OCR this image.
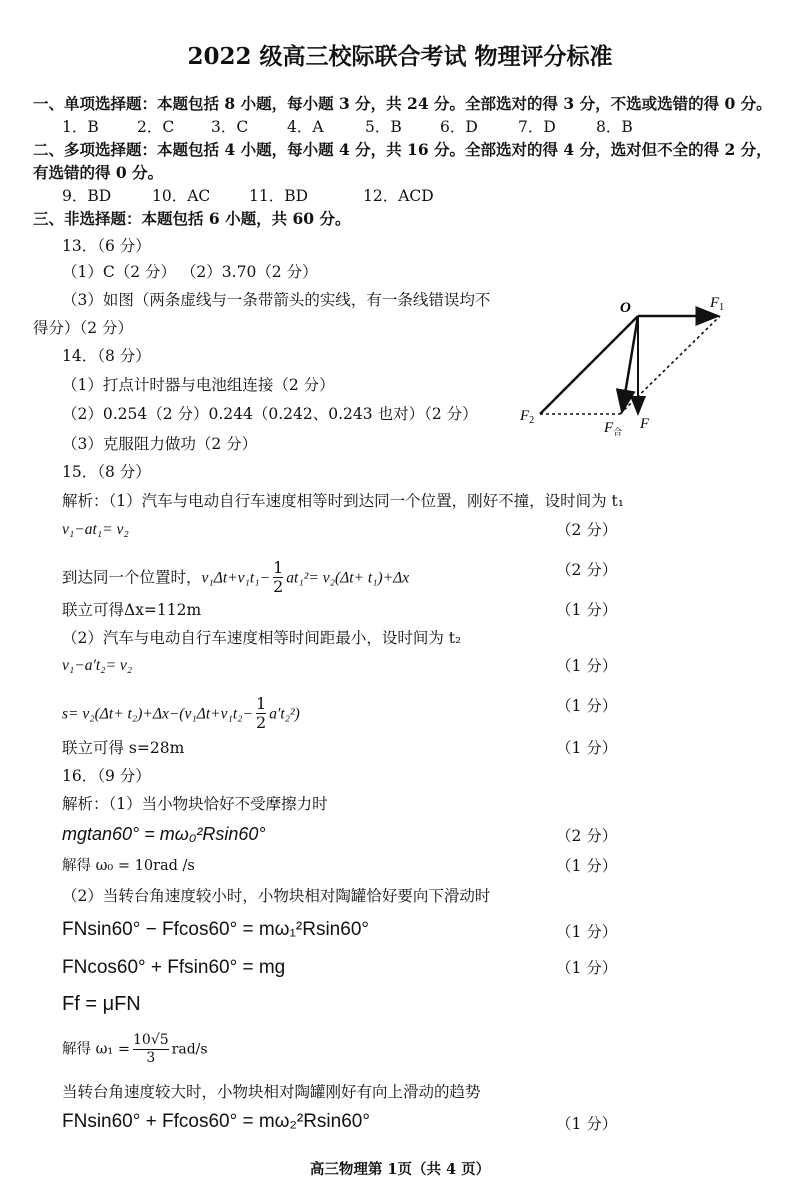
2022 级高三校际联合考试 物理评分标准
一、单项选择题：本题包括 8 小题，每小题 3 分，共 24 分。全部选对的得 3 分，不选或选错的得 0 分。
1．B 2．C 3．C	4．A	5．B 6．D	7．D	8．B
二、多项选择题：本题包括 4 小题，每小题 4 分，共 16 分。全部选对的得 4 分，选对但不全的得 2 分，
有选错的得 0 分。
9．BD	10．AC 11．BD	12．ACD
三、非选择题：本题包括 6 小题，共 60 分。
13．（6 分）
（1）C（2 分） （2）3.70（2 分）
（3）如图（两条虚线与一条带箭头的实线，有一条线错误均不
得分）（2 分）
14．（8 分）
（1）打点计时器与电池组连接（2 分）
（2）0.254（2 分）0.244（0.242、0.243 也对）（2 分）
（3）克服阻力做功（2 分）
O	$F_1$
$F_2$	F
$F_合$
15．（8 分）
解析：（1）汽车与电动自行车速度相等时到达同一个位置，刚好不撞，设时间为 t₁
v₁−at₁= v₂	（2 分）
到达同一个位置时，$v_1\Delta t+v_1t_1- \frac{1}{2} at_1^2= v_2(\Delta t+ t_1)+\Delta x$	（2 分）
联立可得Δx=112m	（1 分）
（2）汽车与电动自行车速度相等时间距最小，设时间为 t₂
v₁−a′t₂= v₂	（1 分）
$s= v_2(\Delta t+ t_2)+\Delta x-(v_1\Delta t+v_1t_2- \frac{1}{2} a't_2^2)$	（1 分）
联立可得 s=28m	（1 分）
16．（9 分）
解析：（1）当小物块恰好不受摩擦力时
mgtan60° = mω₀²Rsin60°	（2 分）
解得 ω₀ = 10rad /s	（1 分）
（2）当转台角速度较小时，小物块相对陶罐恰好要向下滑动时
FNsin60° − Ffcos60° = mω₁²Rsin60°	（1 分）
FNcos60° + Ffsin60° = mg	（1 分）
Ff = μFN
解得 $\omega_1 = \frac{10√5}{3} rad/s$
当转台角速度较大时，小物块相对陶罐刚好有向上滑动的趋势
FNsin60° + Ffcos60° = mω₂²Rsin60°	（1 分）
高三物理第 1页（共 4 页）
